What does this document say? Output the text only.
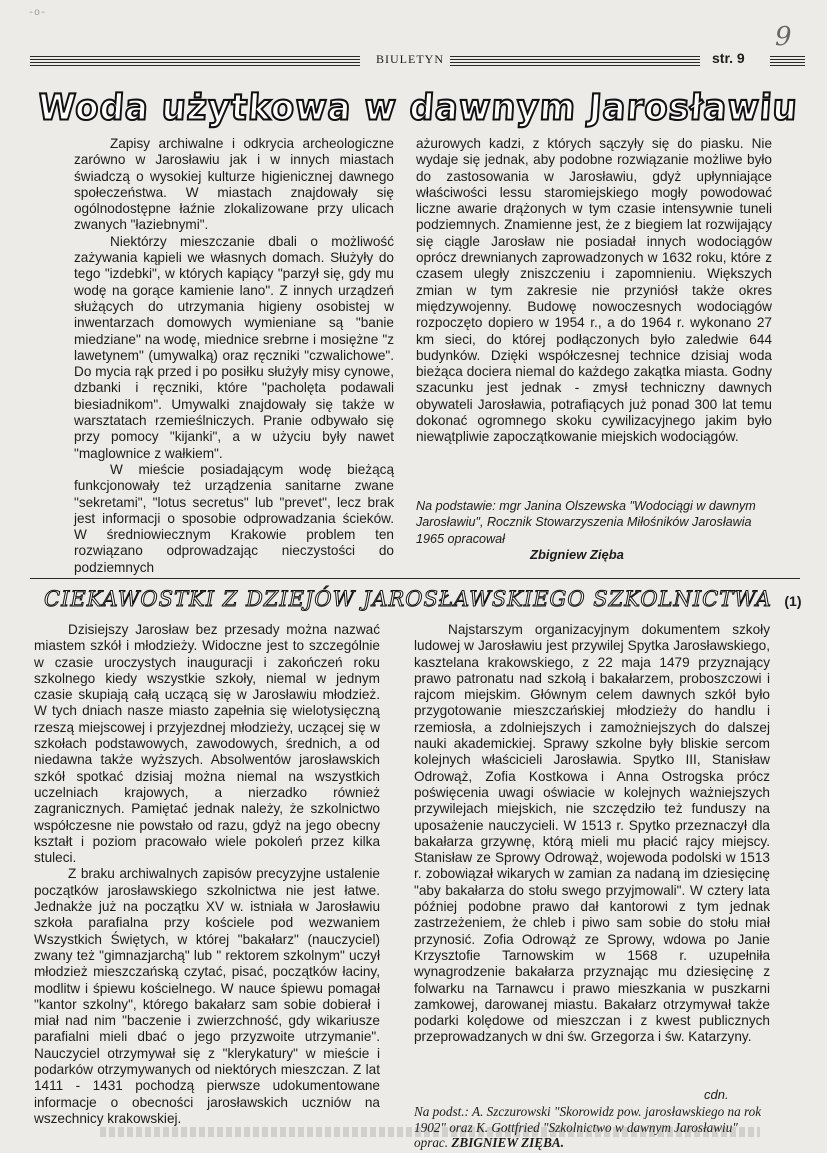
-o-
9
BIULETYN	str. 9
Woda użytkowa w dawnym Jarosławiu

Zapisy archiwalne i odkrycia archeologiczne zarówno w Jarosławiu jak i w innych miastach świadczą o wysokiej kulturze higienicznej dawnego społeczeństwa. W miastach znajdowały się ogólnodostępne łaźnie zlokalizowane przy ulicach zwanych "łaziebnymi".

Niektórzy mieszczanie dbali o możliwość zażywania kąpieli we własnych domach. Służyły do tego "izdebki", w których kapiący "parzył się, gdy mu wodę na gorące kamienie lano". Z innych urządzeń służących do utrzymania higieny osobistej w inwentarzach domowych wymieniane są "banie miedziane" na wodę, miednice srebrne i mosiężne "z lawetynem" (umywalką) oraz ręczniki "czwalichowe". Do mycia rąk przed i po posiłku służyły misy cynowe, dzbanki i ręczniki, które "pacholęta podawali biesiadnikom". Umywalki znajdowały się także w warsztatach rzemieślniczych. Pranie odbywało się przy pomocy "kijanki", a w użyciu były nawet "maglownice z wałkiem".

W mieście posiadającym wodę bieżącą funkcjonowały też urządzenia sanitarne zwane "sekretami", "lotus secretus" lub "prevet", lecz brak jest informacji o sposobie odprowadzania ścieków. W średniowiecznym Krakowie problem ten rozwiązano odprowadzając nieczystości do podziemnych

ażurowych kadzi, z których sączyły się do piasku. Nie wydaje się jednak, aby podobne rozwiązanie możliwe było do zastosowania w Jarosławiu, gdyż upłynniające właściwości lessu staromiejskiego mogły powodować liczne awarie drążonych w tym czasie intensywnie tuneli podziemnych. Znamienne jest, że z biegiem lat rozwijający się ciągle Jarosław nie posiadał innych wodociągów oprócz drewnianych zaprowadzonych w 1632 roku, które z czasem uległy zniszczeniu i zapomnieniu. Większych zmian w tym zakresie nie przyniósł także okres międzywojenny. Budowę nowoczesnych wodociągów rozpoczęto dopiero w 1954 r., a do 1964 r. wykonano 27 km sieci, do której podłączonych było zaledwie 644 budynków. Dzięki współczesnej technice dzisiaj woda bieżąca dociera niemal do każdego zakątka miasta. Godny szacunku jest jednak - zmysł techniczny dawnych obywateli Jarosławia, potrafiących już ponad 300 lat temu dokonać ogromnego skoku cywilizacyjnego jakim było niewątpliwie zapoczątkowanie miejskich wodociągów.

Na podstawie: mgr Janina Olszewska "Wodociągi w dawnym Jarosławiu", Rocznik Stowarzyszenia Miłośników Jarosławia 1965 opracował
Zbigniew Zięba
CIEKAWOSTKI Z DZIEJÓW JAROSŁAWSKIEGO SZKOLNICTWA (1)

Dzisiejszy Jarosław bez przesady można nazwać miastem szkół i młodzieży. Widoczne jest to szczególnie w czasie uroczystych inauguracji i zakończeń roku szkolnego kiedy wszystkie szkoły, niemal w jednym czasie skupiają całą uczącą się w Jarosławiu młodzież. W tych dniach nasze miasto zapełnia się wielotysięczną rzeszą miejscowej i przyjezdnej młodzieży, uczącej się w szkołach podstawowych, zawodowych, średnich, a od niedawna także wyższych. Absolwentów jarosławskich szkół spotkać dzisiaj można niemal na wszystkich uczelniach krajowych, a nierzadko również zagranicznych. Pamiętać jednak należy, że szkolnictwo współczesne nie powstało od razu, gdyż na jego obecny kształt i poziom pracowało wiele pokoleń przez kilka stuleci.

Z braku archiwalnych zapisów precyzyjne ustalenie początków jarosławskiego szkolnictwa nie jest łatwe. Jednakże już na początku XV w. istniała w Jarosławiu szkoła parafialna przy kościele pod wezwaniem Wszystkich Świętych, w której "bakałarz" (nauczyciel) zwany też "gimnazjarchą" lub " rektorem szkolnym" uczył młodzież mieszczańską czytać, pisać, początków łaciny, modlitw i śpiewu kościelnego. W nauce śpiewu pomagał "kantor szkolny", którego bakałarz sam sobie dobierał i miał nad nim "baczenie i zwierzchność, gdy wikariusze parafialni mieli dbać o jego przyzwoite utrzymanie". Nauczyciel otrzymywał się z "klerykatury" w mieście i podarków otrzymywanych od niektórych mieszczan. Z lat 1411 - 1431 pochodzą pierwsze udokumentowane informacje o obecności jarosławskich uczniów na wszechnicy krakowskiej.

Najstarszym organizacyjnym dokumentem szkoły ludowej w Jarosławiu jest przywilej Spytka Jarosławskiego, kasztelana krakowskiego, z 22 maja 1479 przyznający prawo patronatu nad szkołą i bakałarzem, proboszczowi i rajcom miejskim. Głównym celem dawnych szkół było przygotowanie mieszczańskiej młodzieży do handlu i rzemiosła, a zdolniejszych i zamożniejszych do dalszej nauki akademickiej. Sprawy szkolne były bliskie sercom kolejnych właścicieli Jarosławia. Spytko III, Stanisław Odrowąż, Zofia Kostkowa i Anna Ostrogska prócz poświęcenia uwagi oświacie w kolejnych ważniejszych przywilejach miejskich, nie szczędziło też funduszy na uposażenie nauczycieli. W 1513 r. Spytko przeznaczył dla bakałarza grzywnę, którą mieli mu płacić rajcy miejscy. Stanisław ze Sprowy Odrowąż, wojewoda podolski w 1513 r. zobowiązał wikarych w zamian za nadaną im dziesięcinę "aby bakałarza do stołu swego przyjmowali". W cztery lata później podobne prawo dał kantorowi z tym jednak zastrzeżeniem, że chleb i piwo sam sobie do stołu miał przynosić. Zofia Odrowąż ze Sprowy, wdowa po Janie Krzysztofie Tarnowskim w 1568 r. uzupełniła wynagrodzenie bakałarza przyznając mu dziesięcinę z folwarku na Tarnawcu i prawo mieszkania w puszkarni zamkowej, darowanej miastu. Bakałarz otrzymywał także podarki kolędowe od mieszczan i z kwest publicznych przeprowadzanych w dni św. Grzegorza i św. Katarzyny.

cdn.
Na podst.: A. Szczurowski "Skorowidz pow. jarosławskiego na rok 1902" oraz K. Gottfried "Szkolnictwo w dawnym Jarosławiu" oprac. ZBIGNIEW ZIĘBA.
